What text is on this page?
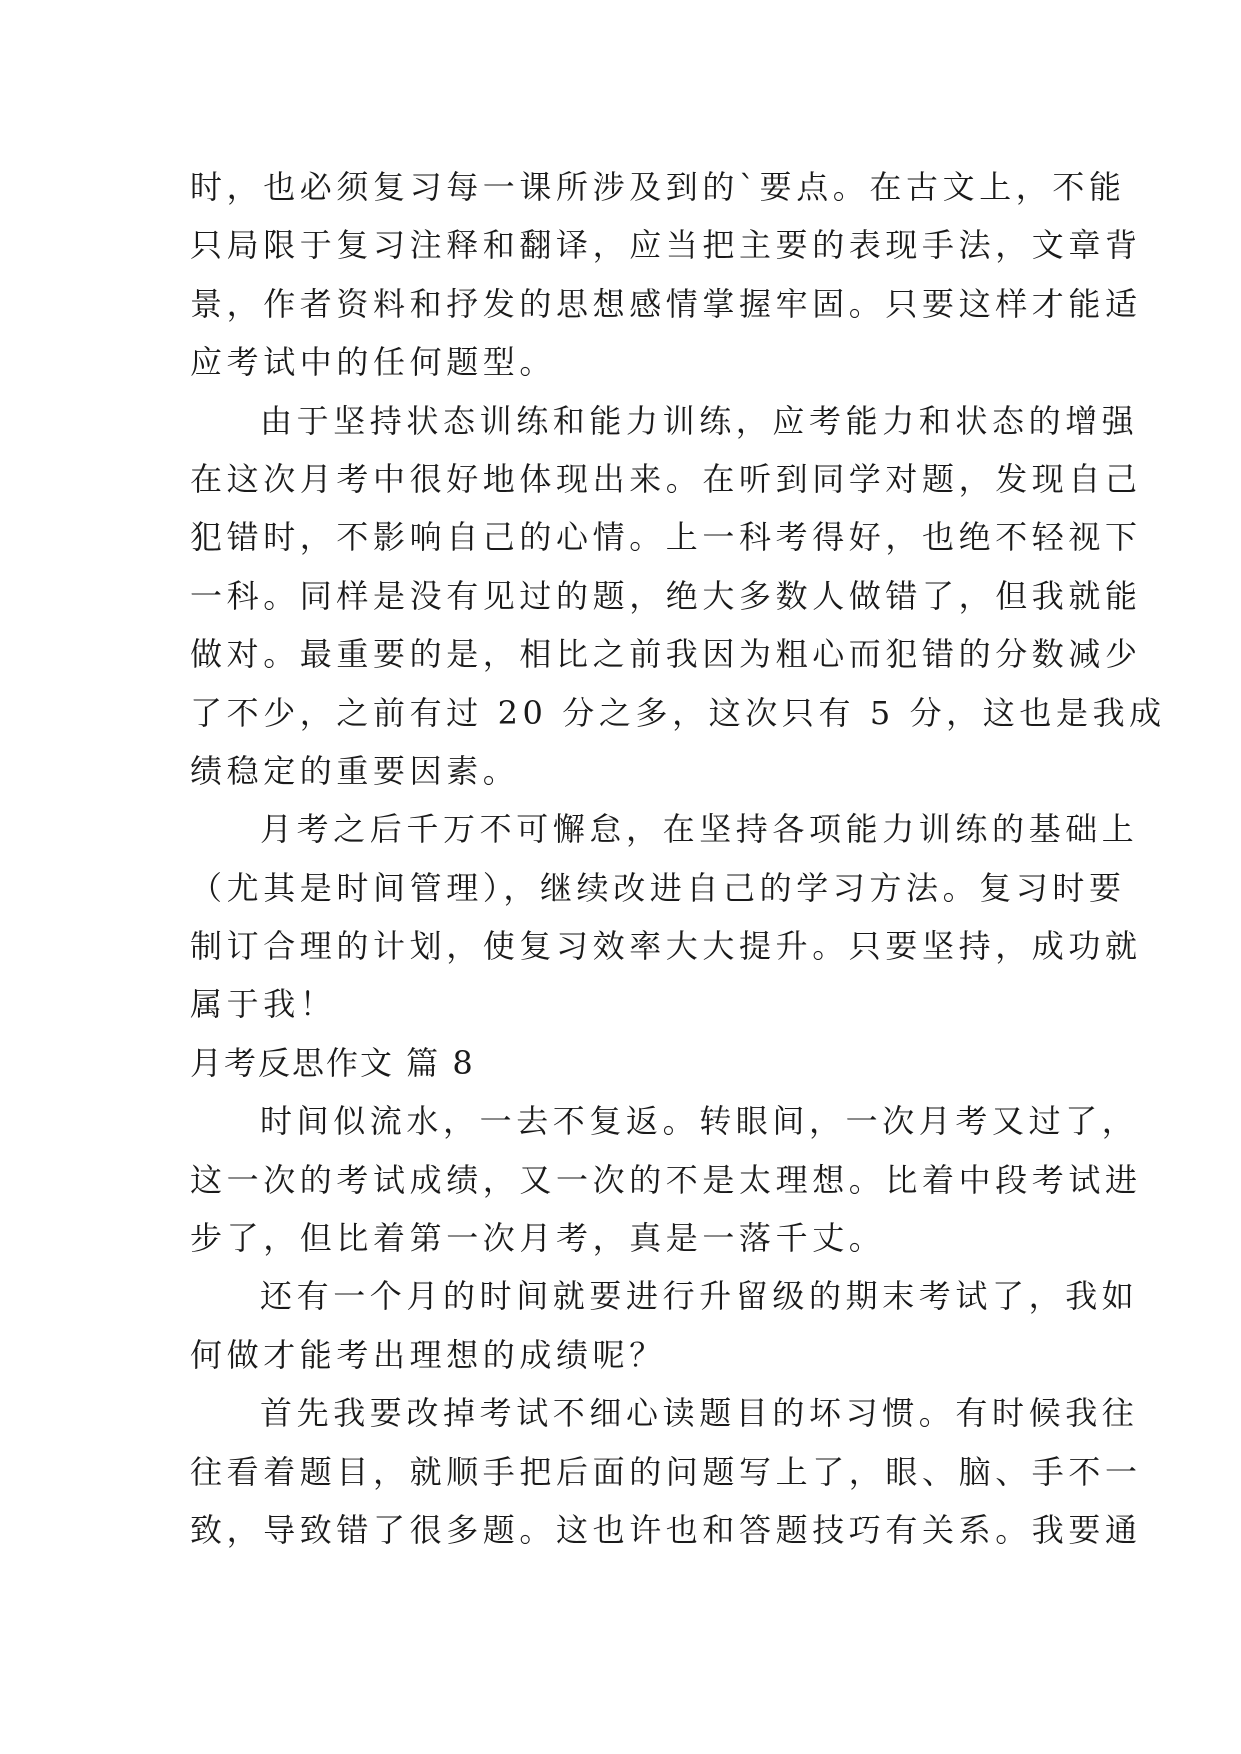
时，也必须复习每一课所涉及到的`要点。在古文上，不能
只局限于复习注释和翻译，应当把主要的表现手法，文章背
景，作者资料和抒发的思想感情掌握牢固。只要这样才能适
应考试中的任何题型。
由于坚持状态训练和能力训练，应考能力和状态的增强
在这次月考中很好地体现出来。在听到同学对题，发现自己
犯错时，不影响自己的心情。上一科考得好，也绝不轻视下
一科。同样是没有见过的题，绝大多数人做错了，但我就能
做对。最重要的是，相比之前我因为粗心而犯错的分数减少
了不少，之前有过 20 分之多，这次只有 5 分，这也是我成
绩稳定的重要因素。
月考之后千万不可懈怠，在坚持各项能力训练的基础上
（尤其是时间管理），继续改进自己的学习方法。复习时要
制订合理的计划，使复习效率大大提升。只要坚持，成功就
属于我！
月考反思作文 篇 8
时间似流水，一去不复返。转眼间，一次月考又过了，
这一次的考试成绩，又一次的不是太理想。比着中段考试进
步了，但比着第一次月考，真是一落千丈。
还有一个月的时间就要进行升留级的期末考试了，我如
何做才能考出理想的成绩呢？
首先我要改掉考试不细心读题目的坏习惯。有时候我往
往看着题目，就顺手把后面的问题写上了，眼、脑、手不一
致，导致错了很多题。这也许也和答题技巧有关系。我要通
